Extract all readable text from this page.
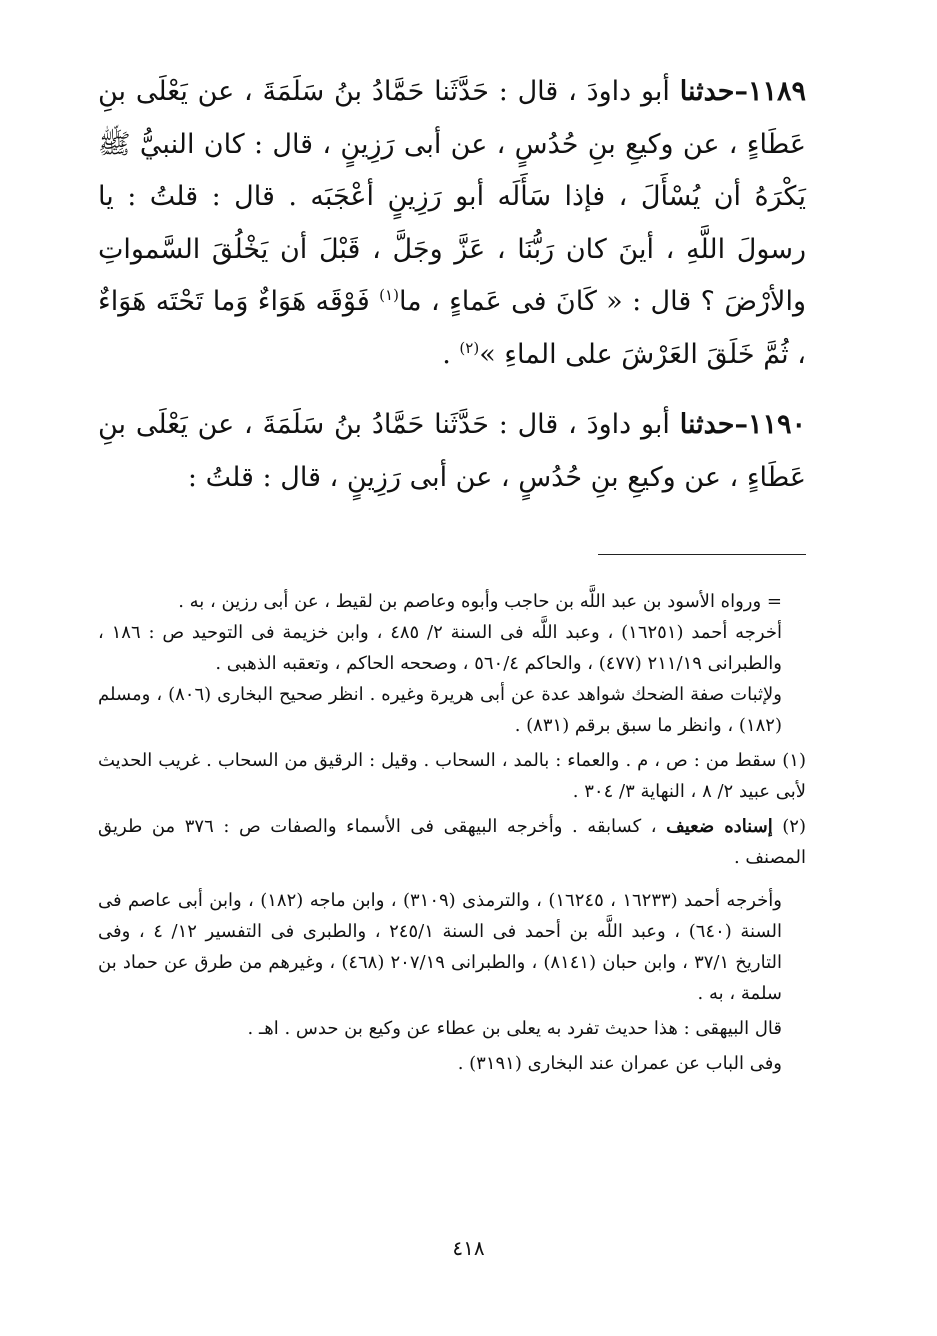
١١٨٩–حدثنا أبو داودَ ، قال : حَدَّثَنا حَمَّادُ بنُ سَلَمَةَ ، عن يَعْلَى بنِ عَطَاءٍ ، عن وكيعِ بنِ حُدُسٍ ، عن أبى رَزِينٍ ، قال : كان النبيُّ ﷺ يَكْرَهُ أن يُسْأَلَ ، فإذا سَأَلَه أبو رَزِينٍ أعْجَبَه . قال : قلتُ : يا رسولَ اللَّهِ ، أينَ كان رَبُّنَا ، عَزَّ وجَلَّ ، قَبْلَ أن يَخْلُقَ السَّمواتِ والأرْضَ ؟ قال : « كَانَ فى عَماءٍ ، ما$^{(١)}$ فَوْقَه هَوَاءٌ وَما تَحْتَه هَوَاءٌ ، ثُمَّ خَلَقَ العَرْشَ على الماءِ »$^{(٢)}$ .

١١٩٠–حدثنا أبو داودَ ، قال : حَدَّثَنا حَمَّادُ بنُ سَلَمَةَ ، عن يَعْلَى بنِ عَطَاءٍ ، عن وكيعِ بنِ حُدُسٍ ، عن أبى رَزِينٍ ، قال : قلتُ :

= ورواه الأسود بن عبد اللَّه بن حاجب وأبوه وعاصم بن لقيط ، عن أبى رزين ، به .

أخرجه أحمد (١٦٢٥١) ، وعبد اللَّه فى السنة ٢/ ٤٨٥ ، وابن خزيمة فى التوحيد ص : ١٨٦ ، والطبرانى ٢١١/١٩ (٤٧٧) ، والحاكم ٥٦٠/٤ ، وصححه الحاكم ، وتعقبه الذهبى .

ولإثبات صفة الضحك شواهد عدة عن أبى هريرة وغيره . انظر صحيح البخارى (٨٠٦) ، ومسلم (١٨٢) ، وانظر ما سبق برقم (٨٣١) .

(١) سقط من : ص ، م . والعماء : بالمد ، السحاب . وقيل : الرقيق من السحاب . غريب الحديث لأبى عبيد ٢/ ٨ ، النهاية ٣/ ٣٠٤ .

(٢) إسناده ضعيف ، كسابقه . وأخرجه البيهقى فى الأسماء والصفات ص : ٣٧٦ من طريق المصنف .

وأخرجه أحمد (١٦٢٣٣ ، ١٦٢٤٥) ، والترمذى (٣١٠٩) ، وابن ماجه (١٨٢) ، وابن أبى عاصم فى السنة (٦٤٠) ، وعبد اللَّه بن أحمد فى السنة ٢٤٥/١ ، والطبرى فى التفسير ١٢/ ٤ ، وفى التاريخ ٣٧/١ ، وابن حبان (٨١٤١) ، والطبرانى ٢٠٧/١٩ (٤٦٨) ، وغيرهم من طرق عن حماد بن سلمة ، به .

قال البيهقى : هذا حديث تفرد به يعلى بن عطاء عن وكيع بن حدس . اهـ .

وفى الباب عن عمران عند البخارى (٣١٩١) .

٤١٨
